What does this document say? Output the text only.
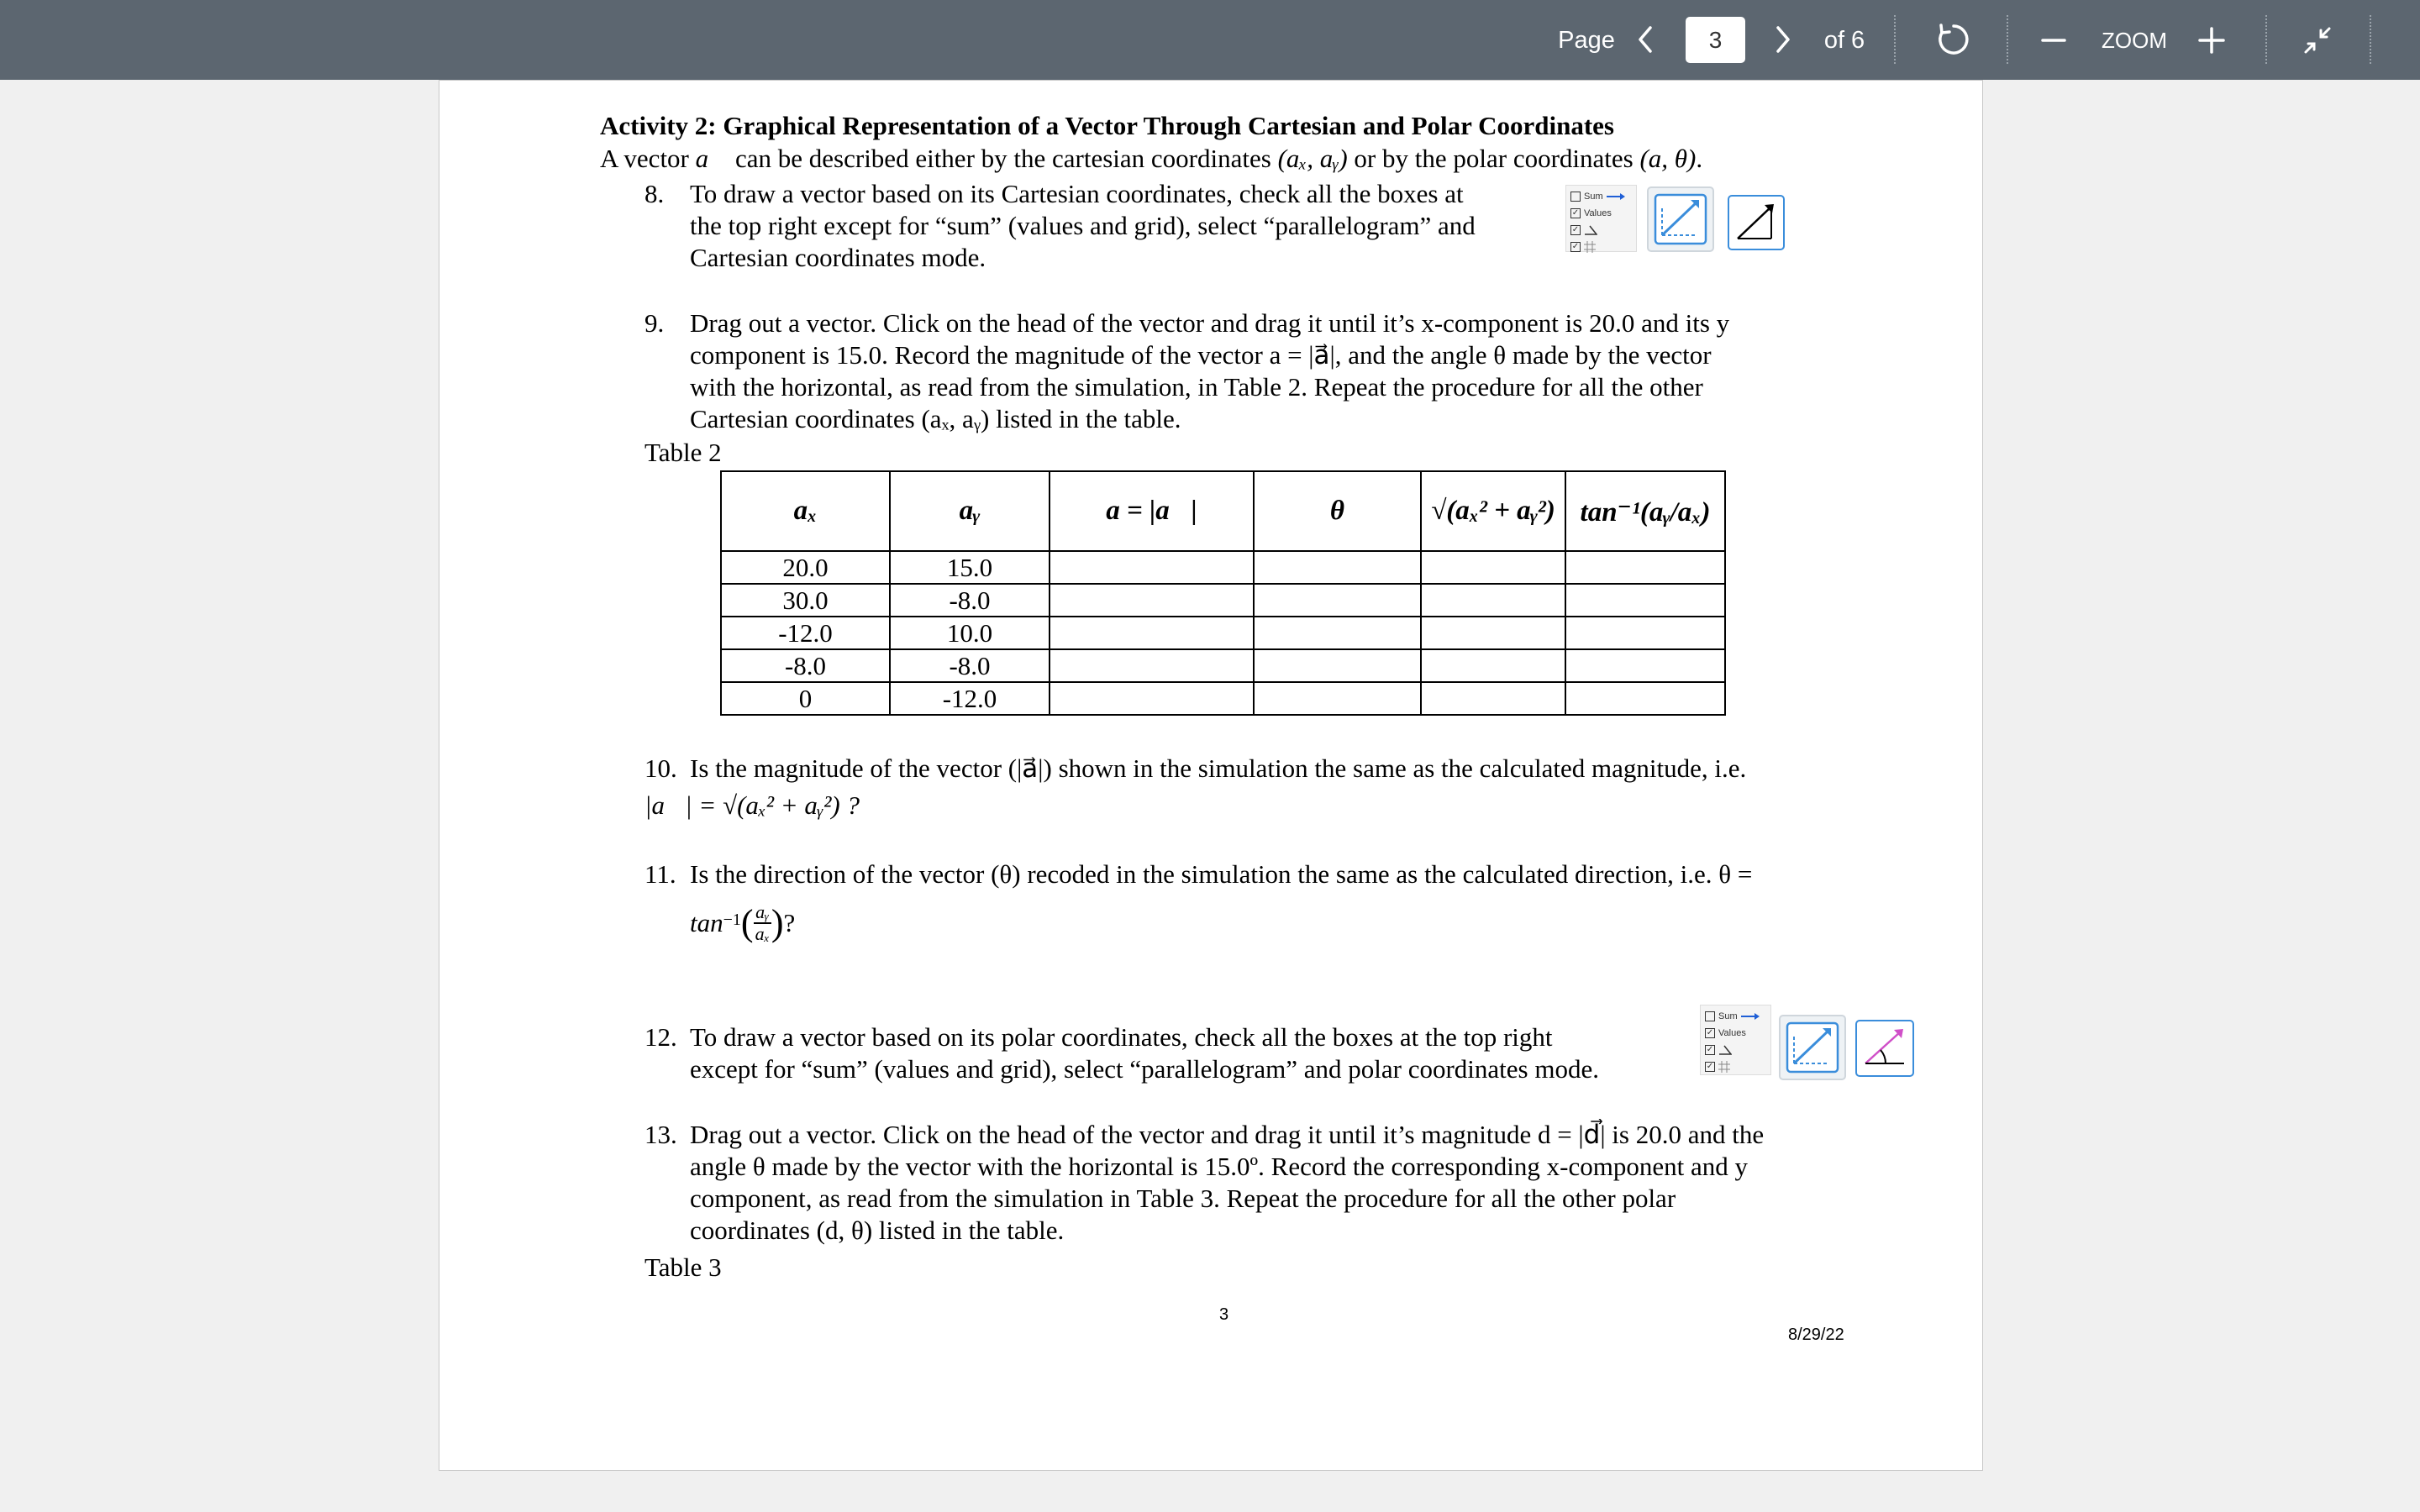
Page
3	of 6	ZOOM
Activity 2: Graphical Representation of a Vector Through Cartesian and Polar Coordinates
A vector a⃗ can be described either by the cartesian coordinates (aₓ, aᵧ) or by the polar coordinates (a, θ).
8. To draw a vector based on its Cartesian coordinates, check all the boxes at
the top right except for “sum” (values and grid), select “parallelogram” and
Cartesian coordinates mode.
Sum
✓ Values
✓
✓
9. Drag out a vector. Click on the head of the vector and drag it until it’s x-component is 20.0 and its y
component is 15.0. Record the magnitude of the vector a = |a⃗|, and the angle θ made by the vector
with the horizontal, as read from the simulation, in Table 2. Repeat the procedure for all the other
Cartesian coordinates (aₓ, aᵧ) listed in the table.
Table 2
aₓ	aᵧ	a = |a⃗|	θ	√(aₓ² + aᵧ²)	tan⁻¹(aᵧ/aₓ)
20.0	15.0				
30.0	-8.0				
-12.0	10.0				
-8.0	-8.0				
0	-12.0				
10. Is the magnitude of the vector (|a⃗|) shown in the simulation the same as the calculated magnitude, i.e.
|a⃗| = √(aₓ² + aᵧ²) ?
11. Is the direction of the vector (θ) recoded in the simulation the same as the calculated direction, i.e. θ =
tan −1 ( $\frac{\text{aᵧ}}{\text{aₓ}}$ ) ?
12. To draw a vector based on its polar coordinates, check all the boxes at the top right
except for “sum” (values and grid), select “parallelogram” and polar coordinates mode.
Sum
✓ Values
✓
✓
13. Drag out a vector. Click on the head of the vector and drag it until it’s magnitude d = |d⃗| is 20.0 and the
angle θ made by the vector with the horizontal is 15.0º. Record the corresponding x-component and y
component, as read from the simulation in Table 3. Repeat the procedure for all the other polar
coordinates (d, θ) listed in the table.
Table 3
3
8/29/22
